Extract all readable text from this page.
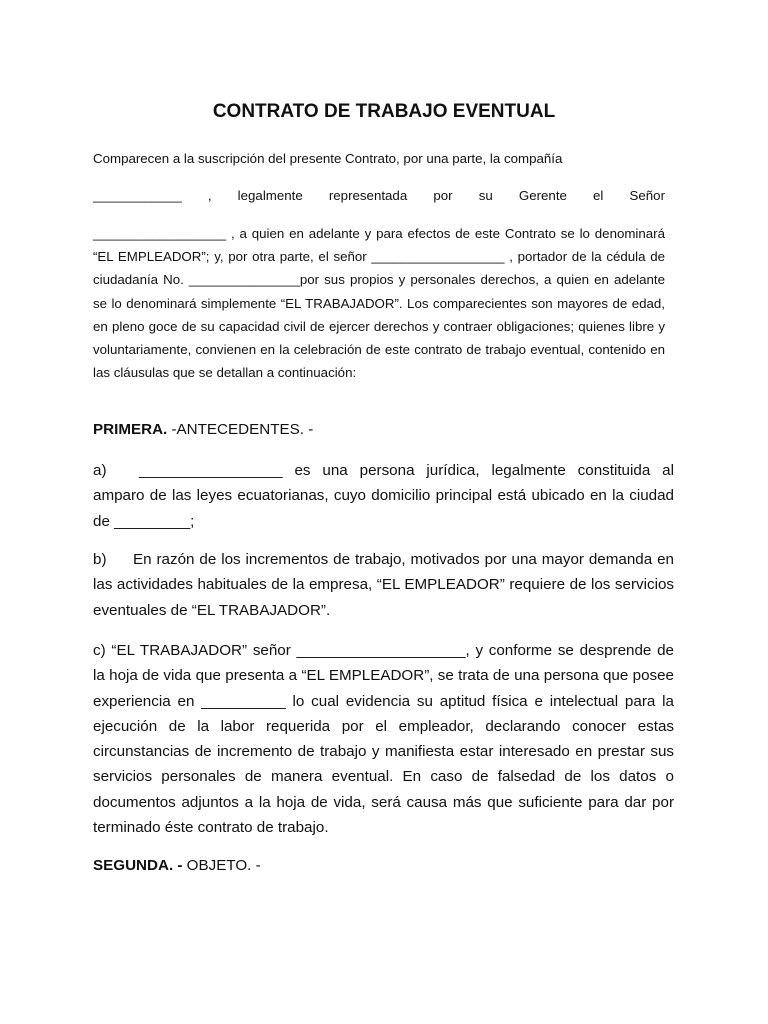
CONTRATO DE TRABAJO EVENTUAL

Comparecen a la suscripción del presente Contrato, por una parte, la compañía

____________ , legalmente representada por su Gerente el Señor

__________________ , a quien en adelante y para efectos de este Contrato se lo denominará “EL EMPLEADOR”; y, por otra parte, el señor __________________ , portador de la cédula de ciudadanía No. _______________por sus propios y personales derechos, a quien en adelante se lo denominará simplemente “EL TRABAJADOR”. Los comparecientes son mayores de edad, en pleno goce de su capacidad civil de ejercer derechos y contraer obligaciones; quienes libre y voluntariamente, convienen en la celebración de este contrato de trabajo eventual, contenido en las cláusulas que se detallan a continuación:

PRIMERA. -ANTECEDENTES. -

a) _________________ es una persona jurídica, legalmente constituida al amparo de las leyes ecuatorianas, cuyo domicilio principal está ubicado en la ciudad de _________;

b) En razón de los incrementos de trabajo, motivados por una mayor demanda en las actividades habituales de la empresa, “EL EMPLEADOR” requiere de los servicios eventuales de “EL TRABAJADOR”.

c) “EL TRABAJADOR” señor ____________________, y conforme se desprende de la hoja de vida que presenta a “EL EMPLEADOR”, se trata de una persona que posee experiencia en __________ lo cual evidencia su aptitud física e intelectual para la ejecución de la labor requerida por el empleador, declarando conocer estas circunstancias de incremento de trabajo y manifiesta estar interesado en prestar sus servicios personales de manera eventual. En caso de falsedad de los datos o documentos adjuntos a la hoja de vida, será causa más que suficiente para dar por terminado éste contrato de trabajo.

SEGUNDA. - OBJETO. -
